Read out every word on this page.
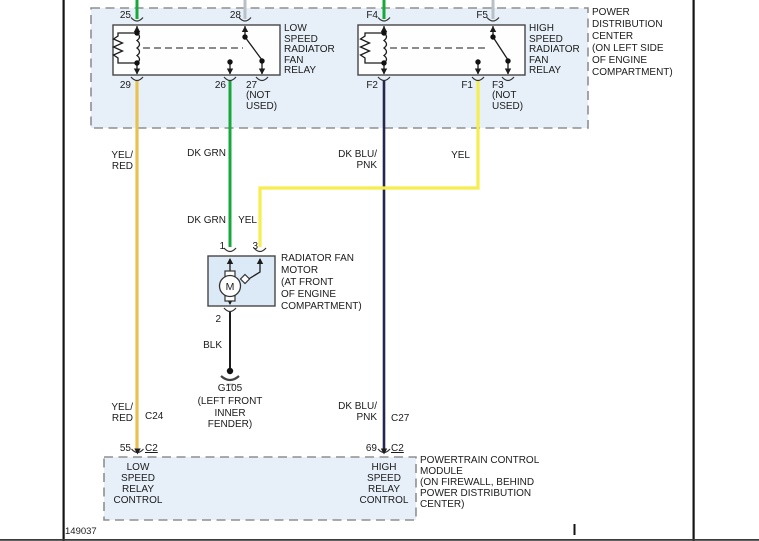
M
25	28	F4	F5
29	26 27
(NOT
USED)
F2	F1 F3
(NOT
USED)
LOW
SPEED
RADIATOR
FAN
RELAY
HIGH
SPEED
RADIATOR
FAN
RELAY
POWER
DISTRIBUTION
CENTER
(ON LEFT SIDE
OF ENGINE
COMPARTMENT)
YEL/
RED
DK GRN	DK BLU/
PNK
YEL
DK GRN	YEL
1	3
RADIATOR FAN
MOTOR
(AT FRONT
OF ENGINE
COMPARTMENT)
2
BLK
G105
(LEFT FRONT
INNER
FENDER)
YEL/
RED C24
DK BLU/
PNK C27
55 C2	69 C2
LOW
SPEED
RELAY
CONTROL
HIGH
SPEED
RELAY
CONTROL
POWERTRAIN CONTROL
MODULE
(ON FIREWALL, BEHIND
POWER DISTRIBUTION
CENTER)
149037
